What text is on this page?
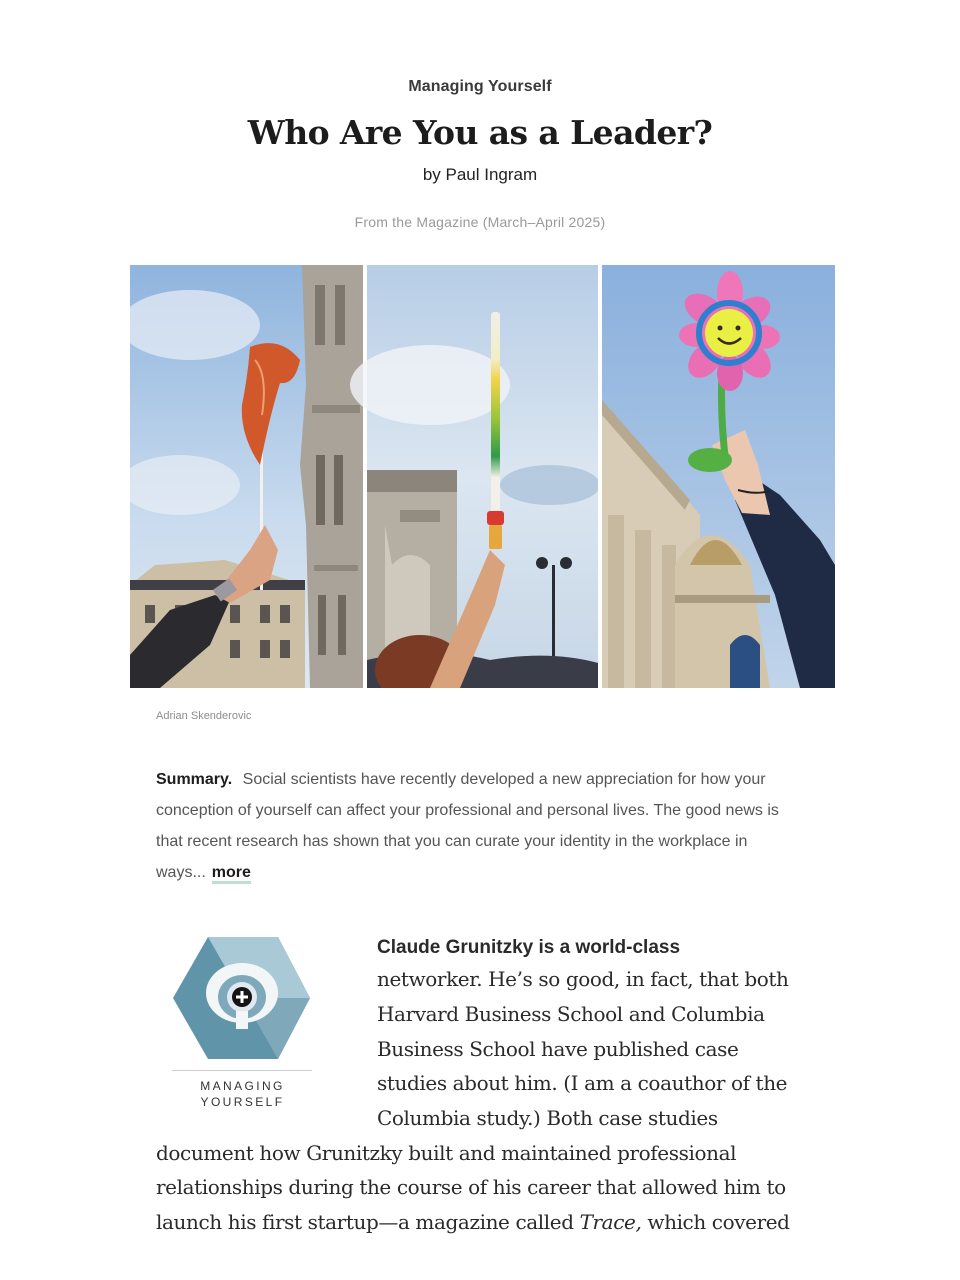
Managing Yourself
Who Are You as a Leader?
by Paul Ingram
From the Magazine (March–April 2025)
Adrian Skenderovic

Summary. Social scientists have recently developed a new appreciation for how your conception of yourself can affect your professional and personal lives. The good news is that recent research has shown that you can curate your identity in the workplace in ways... more

MANAGING
YOURSELF
Claude Grunitzky is a world-class
networker. He’s so good, in fact, that both
Harvard Business School and Columbia
Business School have published case
studies about him. (I am a coauthor of the
Columbia study.) Both case studies
document how Grunitzky built and maintained professional
relationships during the course of his career that allowed him to
launch his first startup—a magazine called Trace, which covered
